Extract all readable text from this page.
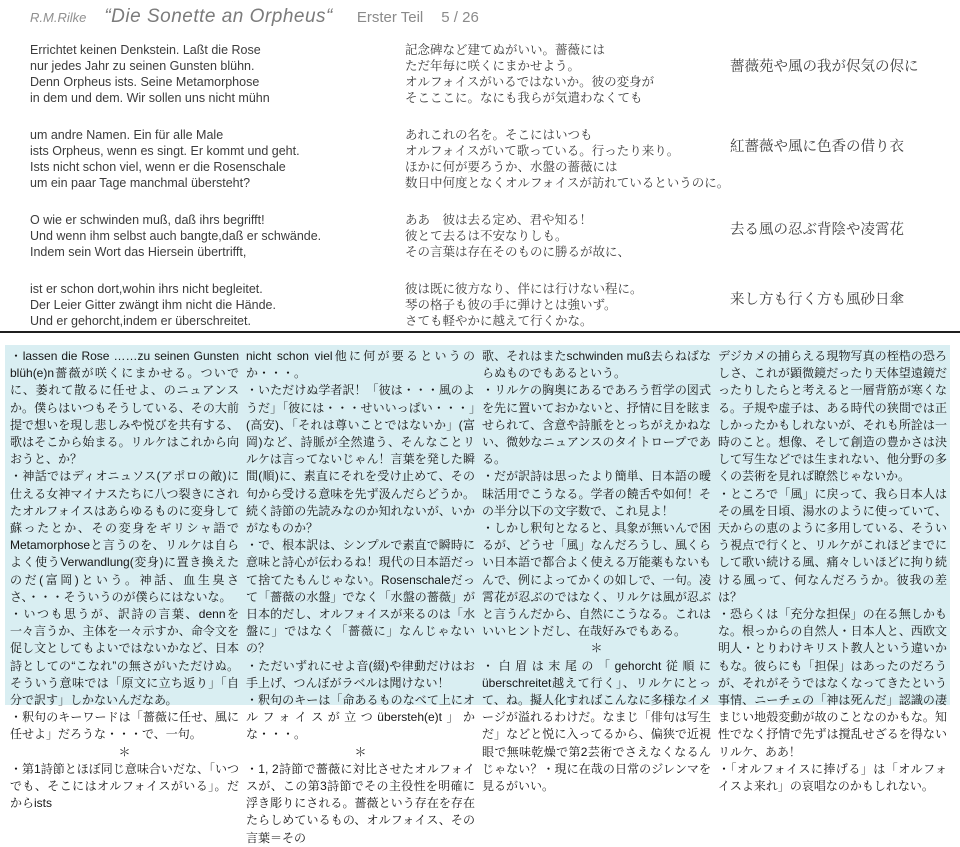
R.M.Rilke “Die Sonette an Orpheus“ Erster Teil 5 / 26
Errichtet keinen Denkstein. Laßt die Rose
nur jedes Jahr zu seinen Gunsten blühn.
Denn Orpheus ists. Seine Metamorphose
in dem und dem. Wir sollen uns nicht mühn
um andre Namen. Ein für alle Male
ists Orpheus, wenn es singt. Er kommt und geht.
Ists nicht schon viel, wenn er die Rosenschale
um ein paar Tage manchmal übersteht?
O wie er schwinden muß, daß ihrs begrifft!
Und wenn ihm selbst auch bangte,daß er schwände.
Indem sein Wort das Hiersein übertrifft,
ist er schon dort,wohin ihrs nicht begleitet.
Der Leier Gitter zwängt ihm nicht die Hände.
Und er gehorcht,indem er überschreitet.
記念碑など建てぬがいい。薔薇には
ただ年毎に咲くにまかせよう。
オルフォイスがいるではないか。彼の変身が
そこここに。なにも我らが気遣わなくても
あれこれの名を。そこにはいつも
オルフォイスがいて歌っている。行ったり来り。
ほかに何が要ろうか、水盤の薔薇には
数日中何度となくオルフォイスが訪れているというのに。
ああ　彼は去る定め、君や知る！
彼とて去るは不安なりしも。
その言葉は存在そのものに勝るが故に、
彼は既に彼方なり、伴には行けない程に。
琴の格子も彼の手に弾けとは強いず。
さても軽やかに越えて行くかな。
薔薇苑や風の我が侭気の侭に
紅薔薇や風に色香の借り衣
去る風の忍ぶ背陰や凌霄花
来し方も行く方も風砂日傘

・lassen die Rose ……zu seinen Gunsten blüh(e)n薔薇が咲くにまかせる。ついでに、萎れて散るに任せよ、のニュアンスか。僕らはいつもそうしている、その大前提で想いを現し悲しみや悦びを共有する、歌はそこから始まる。リルケはこれから向おうと、か？

・神話ではディオニュソス(アポロの敵)に仕える女神マイナスたちに八つ裂きにされたオルフォイスはあらゆるものに変身して蘇ったとか、その変身をギリシャ語でMetamorphoseと言うのを、リルケは自らよく使うVerwandlung(変身)に置き換えたのだ(富岡)という。神話、血生臭ささ、・・・そういうのが僕らにはないな。

・いつも思うが、訳詩の言葉、dennを一々言うか、主体を一々示すか、命令文を促し文としてもよいではないかなど、日本詩としての“こなれ”の無さがいただけぬ。そういう意味では「原文に立ち返り」「自分で訳す」しかないんだなあ。

・釈句のキーワードは「薔薇に任せ、風に任せよ」だろうな・・・で、一句。

＊

・第1詩節とほぼ同じ意味合いだな、「いつでも、そこにはオルフォイスがいる」。だからists

nicht schon viel他に何が要るというのか・・・。

・いただけぬ学者訳！「彼は・・・風のようだ」「彼には・・・せいいっぱい・・・」(高安)、「それは尊いことではないか」(富岡)など、詩脈が全然違う、そんなことリルケは言ってないじゃん！言葉を発した瞬間(順)に、素直にそれを受け止めて、その句から受ける意味を先ず汲んだらどうか。続く詩節の先読みなのか知れないが、いかがなものか？

・で、根本訳は、シンプルで素直で瞬時に意味と詩心が伝わるね！現代の日本語だって捨てたもんじゃない。Rosenschaleだって「薔薇の水盤」でなく「水盤の薔薇」が日本的だし、オルフォイスが来るのは「水盤に」ではなく「薔薇に」なんじゃないの？

・ただいずれにせよ音(綴)や律動だけはお手上げ、つんぼがラベルは聞けない！

・釈句のキーは「命あるものなべて上にオルフォイスが立つübersteh(e)t」かな・・・。

＊

・1, 2詩節で薔薇に対比させたオルフォイスが、この第3詩節でその主役性を明確に浮き彫りにされる。薔薇という存在を存在たらしめているもの、オルフォイス、その言葉＝その

歌、それはまたschwinden muß去らねばならぬものでもあるという。

・リルケの胸奥にあるであろう哲学の図式を先に置いておかないと、抒情に目を眩ませられて、含意や詩脈をとっちがえかねない、微妙なニュアンスのタイトロープである。

・だが訳詩は思ったより簡単、日本語の曖昧活用でこうなる。学者の饒舌や如何！その半分以下の文字数で、これ見よ！

・しかし釈句となると、具象が無いんで困るが、どうせ「風」なんだろうし、風くらい日本語で都合よく使える万能薬もないもんで、例によってかくの如しで、一句。凌霄花が忍ぶのではなく、リルケは風が忍ぶと言うんだから、自然にこうなる。これはいいヒントだし、在哉好みでもある。

＊

・白眉は末尾の「gehorcht従順に überschreitet越えて行く」、リルケにとって、ね。擬人化すればこんなに多様なイメージが溢れるわけだ。なまじ「俳句は写生だ」などと悦に入ってるから、偏狭で近視眼で無味乾燥で第2芸術でさえなくなるんじゃない？・現に在哉の日常のジレンマを見るがいい。

デジカメの捕らえる現物写真の桎梏の恐ろしさ、これが顕微鏡だったり天体望遠鏡だったりしたらと考えると一層背筋が寒くなる。子規や虚子は、ある時代の狭間では正しかったかもしれないが、それも所詮は一時のこと。想像、そして創造の豊かさは決して写生などでは生まれない、他分野の多くの芸術を見れば瞭然じゃないか。

・ところで「風」に戻って、我ら日本人はその風を日頃、湯水のように使っていて、天からの恵のように多用している、そういう視点で行くと、リルケがこれほどまでにして歌い続ける風、痛々しいほどに拘り続ける風って、何なんだろうか。彼我の差は？

・恐らくは「充分な担保」の在る無しかもな。根っからの自然人・日本人と、西欧文明人・とりわけキリスト教人という違いかもな。彼らにも「担保」はあったのだろうが、それがそうではなくなってきたという事情、ニーチェの「神は死んだ」認識の凄まじい地殻変動が故のことなのかもな。知性でなく抒情で先ずは撹乱せざるを得ないリルケ、ああ！

・「オルフォイスに捧げる」は「オルフォイスよ来れ」の哀唱なのかもしれない。
